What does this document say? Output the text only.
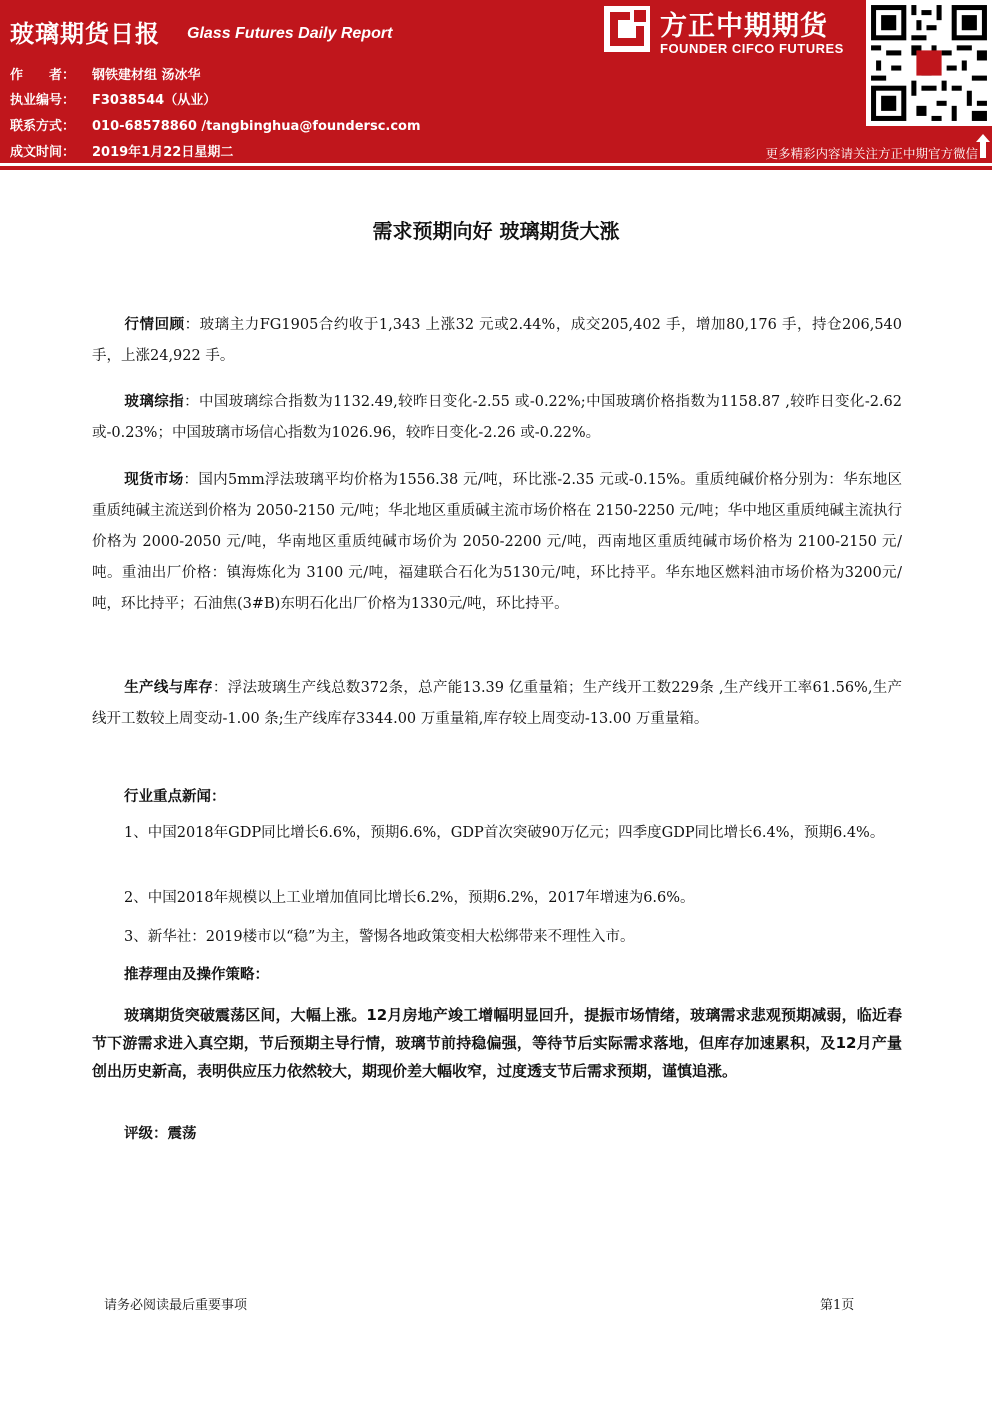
玻璃期货日报 Glass Futures Daily Report
作　　者： 钢铁建材组 汤冰华
执业编号： F3038544（从业）
联系方式： 010-68578860 /tangbinghua@foundersc.com
成文时间： 2019年1月22日星期二
方正中期期货
FOUNDER CIFCO FUTURES
更多精彩内容请关注方正中期官方微信
需求预期向好 玻璃期货大涨
行情回顾：玻璃主力FG1905合约收于1,343 上涨32 元或2.44%，成交205,402 手，增加80,176 手，持仓206,540 手，上涨24,922 手。
玻璃综指：中国玻璃综合指数为1132.49,较昨日变化-2.55 或-0.22%;中国玻璃价格指数为1158.87 ,较昨日变化-2.62 或-0.23%；中国玻璃市场信心指数为1026.96，较昨日变化-2.26 或-0.22%。
现货市场：国内5mm浮法玻璃平均价格为1556.38 元/吨，环比涨-2.35 元或-0.15%。重质纯碱价格分别为：华东地区重质纯碱主流送到价格为 2050-2150 元/吨；华北地区重质碱主流市场价格在 2150-2250 元/吨；华中地区重质纯碱主流执行价格为 2000-2050 元/吨，华南地区重质纯碱市场价为 2050-2200 元/吨，西南地区重质纯碱市场价格为 2100-2150 元/吨。重油出厂价格：镇海炼化为 3100 元/吨，福建联合石化为5130元/吨，环比持平。华东地区燃料油市场价格为3200元/吨，环比持平；石油焦(3#B)东明石化出厂价格为1330元/吨，环比持平。
生产线与库存：浮法玻璃生产线总数372条，总产能13.39 亿重量箱；生产线开工数229条 ,生产线开工率61.56%,生产线开工数较上周变动-1.00 条;生产线库存3344.00 万重量箱,库存较上周变动-13.00 万重量箱。
行业重点新闻：
1、中国2018年GDP同比增长6.6%，预期6.6%，GDP首次突破90万亿元；四季度GDP同比增长6.4%，预期6.4%。
2、中国2018年规模以上工业增加值同比增长6.2%，预期6.2%，2017年增速为6.6%。
3、新华社：2019楼市以“稳”为主，警惕各地政策变相大松绑带来不理性入市。
推荐理由及操作策略：
玻璃期货突破震荡区间，大幅上涨。12月房地产竣工增幅明显回升，提振市场情绪，玻璃需求悲观预期减弱，临近春节下游需求进入真空期，节后预期主导行情，玻璃节前持稳偏强，等待节后实际需求落地，但库存加速累积，及12月产量创出历史新高，表明供应压力依然较大，期现价差大幅收窄，过度透支节后需求预期，谨慎追涨。
评级：震荡
请务必阅读最后重要事项	第1页
